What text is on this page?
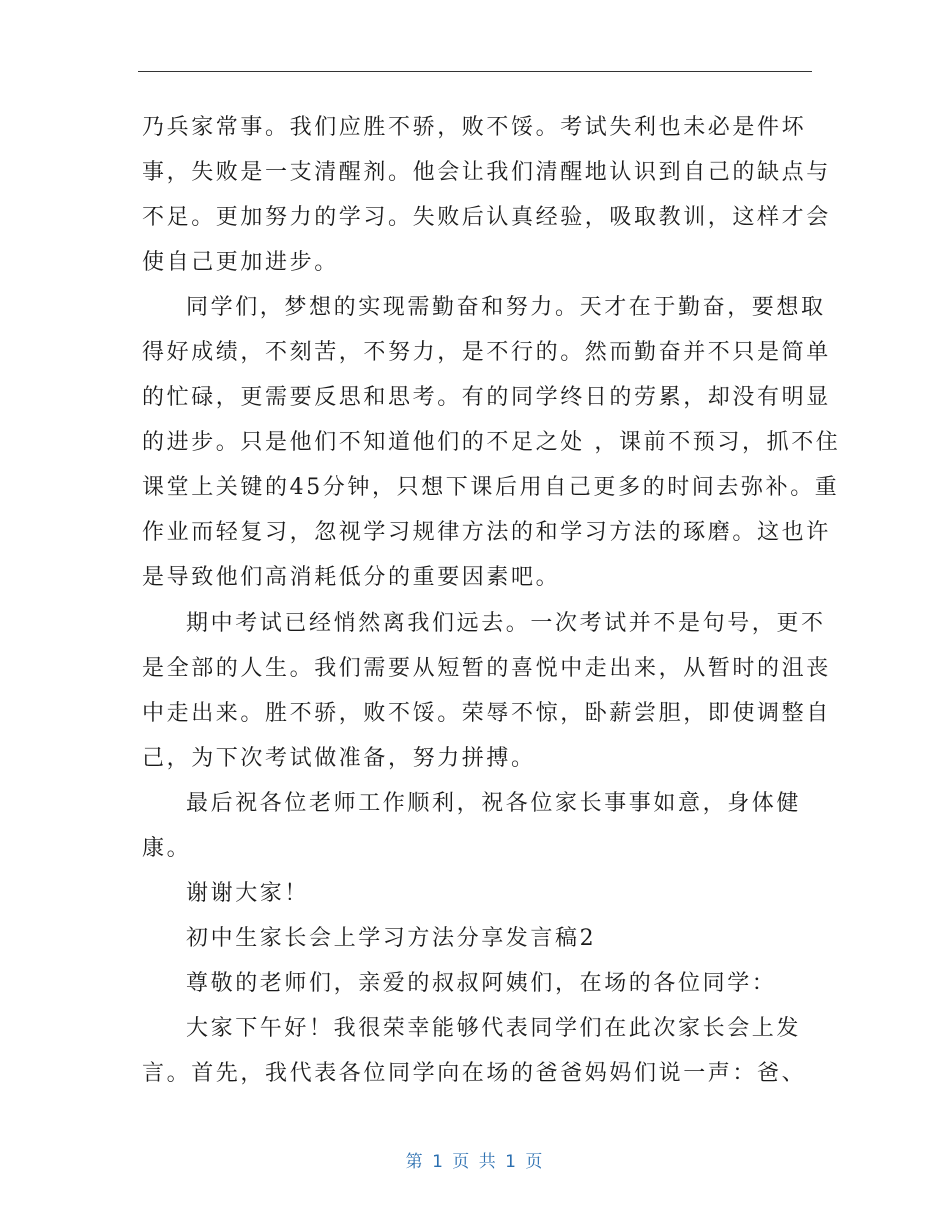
乃兵家常事。我们应胜不骄，败不馁。考试失利也未必是件坏
事，失败是一支清醒剂。他会让我们清醒地认识到自己的缺点与
不足。更加努力的学习。失败后认真经验，吸取教训，这样才会
使自己更加进步。
同学们，梦想的实现需勤奋和努力。天才在于勤奋，要想取
得好成绩，不刻苦，不努力，是不行的。然而勤奋并不只是简单
的忙碌，更需要反思和思考。有的同学终日的劳累，却没有明显
的进步。只是他们不知道他们的不足之处 ，课前不预习，抓不住
课堂上关键的45分钟，只想下课后用自己更多的时间去弥补。重
作业而轻复习，忽视学习规律方法的和学习方法的琢磨。这也许
是导致他们高消耗低分的重要因素吧。
期中考试已经悄然离我们远去。一次考试并不是句号，更不
是全部的人生。我们需要从短暂的喜悦中走出来，从暂时的沮丧
中走出来。胜不骄，败不馁。荣辱不惊，卧薪尝胆，即使调整自
己，为下次考试做准备，努力拼搏。
最后祝各位老师工作顺利，祝各位家长事事如意，身体健
康。
谢谢大家！
初中生家长会上学习方法分享发言稿2
尊敬的老师们，亲爱的叔叔阿姨们，在场的各位同学：
大家下午好！我很荣幸能够代表同学们在此次家长会上发
言。首先，我代表各位同学向在场的爸爸妈妈们说一声：爸、
第 1 页 共 1 页
